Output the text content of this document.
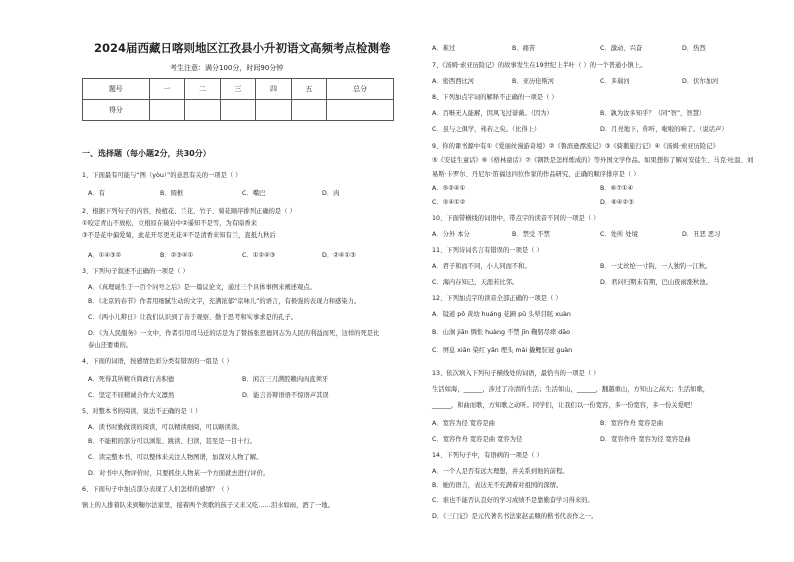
2024届西藏日喀则地区江孜县小升初语文高频考点检测卷
考生注意：满分100分，时间90分钟
题号	一	二	三	四	五	总分
得分						
一、选择题（每小题2分，共30分）
1、下面最有可能与“图（yòu）”的意思有关的一项是（ ）
A．有	B．圆框	C．嘴巴	D．肉
2、根据下列句子的内容，按植花、兰花、竹子、菊花顺序排列正确的是（ ）
①咬定青山不放松，立根原在破岩中②遥知不是雪，为有暗香来
③不是花中偏爱菊，此花开尽更无花④不是清香来知有兰，直抵九秋后
A．①④③②	B．②③④①	C．①②④③	D．②④①③
3、下列句子叙述不正确的一项是（ ）
A．《真理诞生于一百个问号之后》是一篇议论文，通过三个具体事例来阐述观点。
B．《北京的春节》作者用细腻生动的文字，充满浓郁“京味儿”的语言，有极强的表现力和感染力。
C．《两小儿辩日》让我们认识到了善于观察、勤于思考和实事求是的孔子。
D．《为人民服务》一文中，作者引用司马迁的话是为了赞扬张思德同志为人民的利益而死，这样的死是比
泰山还要重的。
4、下面的词语，按感情色彩分类有错误的一组是（ ）
A．死得其所精兵简政行善积德	B．闲言三刀满腔赖肉肉直须牙
C．坚定不屈精诚合作大义凛然	D．能言善辩语语不惊语声其误
5、对整本书的阅读，说法不正确的是（ ）
A．读书时勤做读的阅读，可以精读细阅，可以略读读。
B．不能粗的部分可以浏览、跳读、扫读，甚至是一目十行。
C．读完整本书，可以整体来关注人物图谱，加深对人物了解。
D．对书中人物评价时，只要抓住人物某一个方面就去进行评价。
6、下面句子中加点部分表现了人们怎样的感情？（ ）
镇上的人排着队来到鞠尔法家里，接着两个卖歌的孩子又来又吃……泪水如雨，酒了一地。
A．难过	B．痛苦	C．激动、兴奋	D．热烈
7、《汤姆·索亚历险记》的故事发生在19世纪上半叶（ ）的一个普通小镇上。
A．密西西比河	B．亚历伦斯河	C．多瑙河	D．伏尔加河
8、下列加点字词的解释不正确的一项是（ ）
A．百啭无人能解，因风飞过蔷薇。（因为）	B．孰为汝多知乎？（同“智”，智慧）
C．虽与之俱学，弗若之矣。（比得上）	D．月亮地下，你听，啦啦的响了。（说话声）
9、你的课书源中有①《爱丽丝漫游奇境》②《鲁滨逊漂流记》③《骑鹅旅行记》④《汤姆·索亚历险记》
⑤《安徒生童话》⑥《格林童话》⑦《钢铁是怎样炼成的》等外国文学作品。如果想你了解对安徒生、马克·吐温、刘
易斯·卡罗尔、丹尼尔·笛福这四位作家的作品研究，正确的顺序排序是（ ）
A．⑤②④①	B．⑥⑦①④
C．⑤④①②	D．⑥④②③
10、下面带横线的词语中，带点字的读音不同的一项是（ ）
A．分外 本分	B．禁受 不禁	C．处所 处境	D．丑恶 恶习
11、下列诗词名言有错误的一项是（ ）
A．君子和而不同，小人同而不和。	B．一丈丝纶一寸钩，一人独钓一江秋。
C．海内存知己，天涯若比邻。	D．君问归期未有期，巴山夜雨涨秋池。
12、下列加点字的读音全部正确的一项是（ ）
A．镜道 pō 黄幼 huáng 花圃 pǔ 头晕目眩 xuàn
B．山涧 jiān 惆怅 huàng 不禁 jīn 鞠躬尽瘁 dāo
C．屏息 xiān 染红 yǎn 埋头 mái 撬鲤驻冠 guàn
13、依次填入下列句子横线处的词语，最恰当的一项是（ ）
生活如海，______，涉过了冷清的生活；生活如山，______，翻越重山，方知山之高大；生活如歌，
______，和曲而歌，方知歌之动听。同学们，让我们以一份宽容，多一份宽容，多一份关爱吧！
A．宽容为径 宽容是曲	B．宽容作舟 宽容是曲
C．宽容作舟 宽容是曲 宽容为径	D．宽容作舟 宽容为径 宽容是曲
14、下列句子中，有语病的一项是（ ）
A．一个人是否有远大理想，并关系到他的前程。
B．她的语言，表达无不充满着对祖国的深情。
C．谁也不能否认良好的学习成绩不是靠勤奋学习得来的。
D．《三门记》是元代著名书法家赵孟頫的楷书代表作之一。
